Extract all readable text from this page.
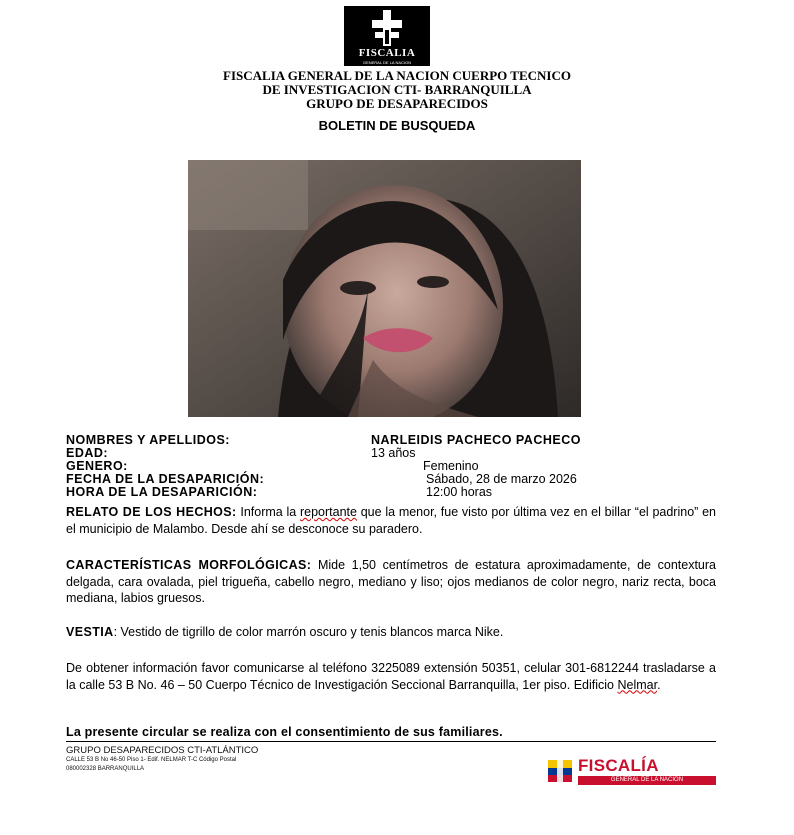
FISCALIA
GENERAL DE LA NACION
FISCALIA GENERAL DE LA NACION CUERPO TECNICO
DE INVESTIGACION CTI- BARRANQUILLA
GRUPO DE DESAPARECIDOS
BOLETIN DE BUSQUEDA
NOMBRES Y APELLIDOS:	NARLEIDIS PACHECO PACHECO
EDAD:	13 años
GENERO:	Femenino
FECHA DE LA DESAPARICIÓN:	Sábado, 28 de marzo 2026
HORA DE LA DESAPARICIÓN:	12:00 horas
RELATO DE LOS HECHOS: Informa la reportante que la menor, fue visto por última vez en el billar “el padrino” en el municipio de Malambo. Desde ahí se desconoce su paradero.
CARACTERÍSTICAS MORFOLÓGICAS: Mide 1,50 centímetros de estatura aproximadamente, de contextura delgada, cara ovalada, piel trigueña, cabello negro, mediano y liso; ojos medianos de color negro, nariz recta, boca mediana, labios gruesos.
VESTIA: Vestido de tigrillo de color marrón oscuro y tenis blancos marca Nike.
De obtener información favor comunicarse al teléfono 3225089 extensión 50351, celular 301-6812244 trasladarse a la calle 53 B No. 46 – 50 Cuerpo Técnico de Investigación Seccional Barranquilla, 1er piso. Edificio Nelmar.
La presente circular se realiza con el consentimiento de sus familiares.
GRUPO DESAPARECIDOS CTI-ATLÁNTICO
CALLE 53 B No 46-50 Piso 1- Edif. NELMAR T-C Código Postal
080002328 BARRANQUILLA	FISCALÍA
GENERAL DE LA NACIÓN
